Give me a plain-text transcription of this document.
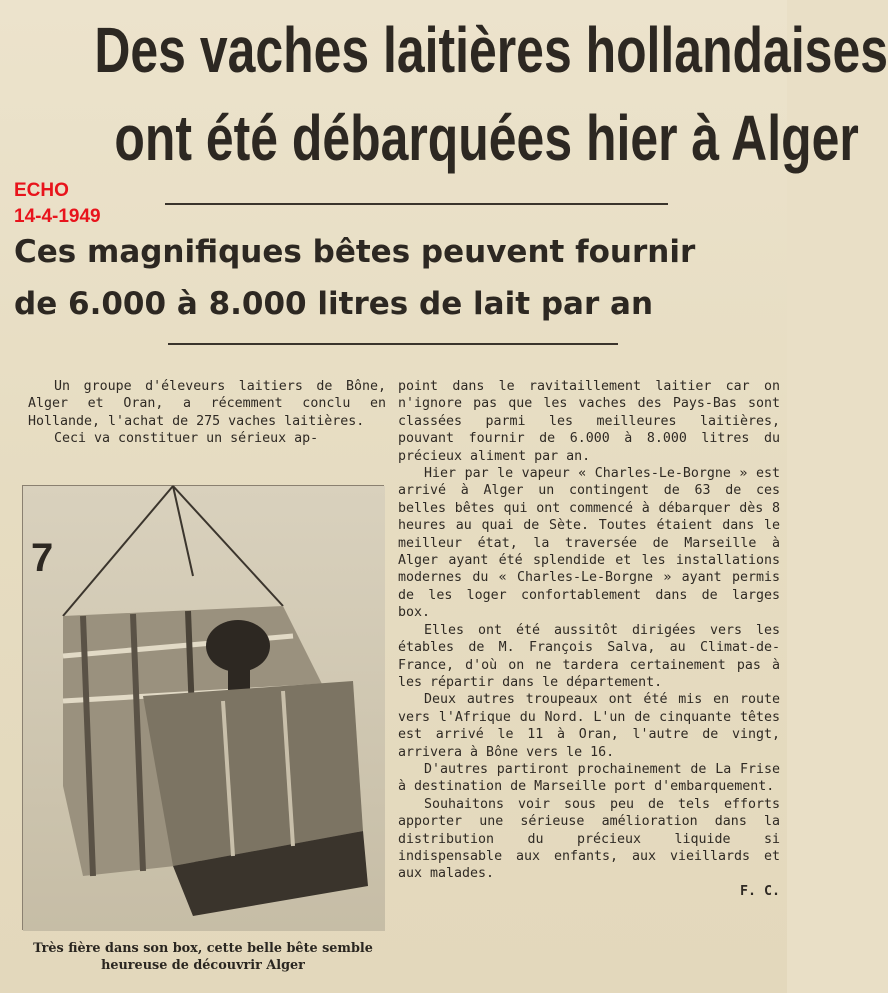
Des vaches laitières hollandaises
ont été débarquées hier à Alger
ECHO
14-4-1949
Ces magnifiques bêtes peuvent fournir
de 6.000 à 8.000 litres de lait par an

Un groupe d'éleveurs laitiers de Bône, Alger et Oran, a récemment conclu en Hollande, l'achat de 275 vaches laitières.

Ceci va constituer un sérieux ap-

7
Très fière dans son box, cette belle bête semble heureuse de découvrir Alger

point dans le ravitaillement laitier car on n'ignore pas que les vaches des Pays-Bas sont classées parmi les meilleures laitières, pouvant fournir de 6.000 à 8.000 litres du précieux aliment par an.

Hier par le vapeur « Charles-Le-Borgne » est arrivé à Alger un contingent de 63 de ces belles bêtes qui ont commencé à débarquer dès 8 heures au quai de Sète. Toutes étaient dans le meilleur état, la traversée de Marseille à Alger ayant été splendide et les installations modernes du « Charles-Le-Borgne » ayant permis de les loger confortablement dans de larges box.

Elles ont été aussitôt dirigées vers les étables de M. François Salva, au Climat-de-France, d'où on ne tardera certainement pas à les répartir dans le département.

Deux autres troupeaux ont été mis en route vers l'Afrique du Nord. L'un de cinquante têtes est arrivé le 11 à Oran, l'autre de vingt, arrivera à Bône vers le 16.

D'autres partiront prochainement de La Frise à destination de Marseille port d'embarquement.

Souhaitons voir sous peu de tels efforts apporter une sérieuse amélioration dans la distribution du précieux liquide si indispensable aux enfants, aux vieillards et aux malades.

F. C.
